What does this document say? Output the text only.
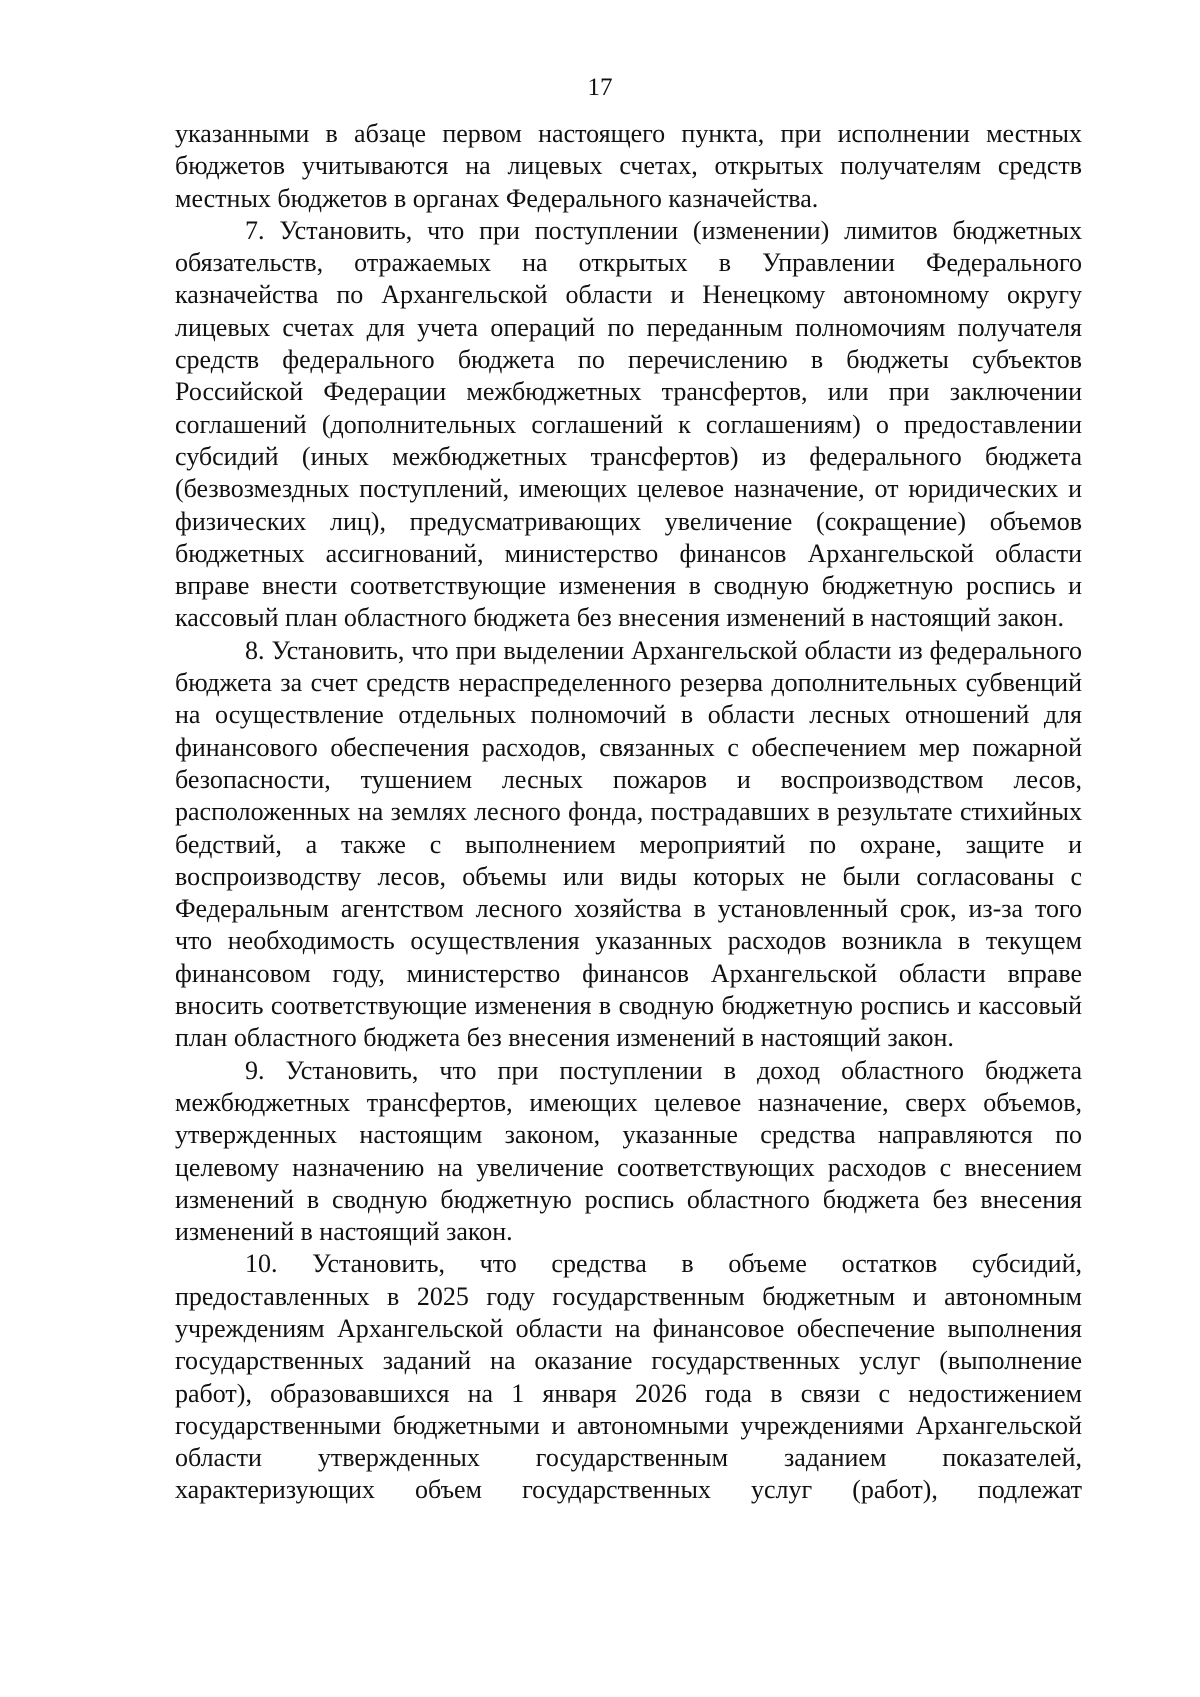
17

указанными в абзаце первом настоящего пункта, при исполнении местных бюджетов учитываются на лицевых счетах, открытых получателям средств местных бюджетов в органах Федерального казначейства.

7. Установить, что при поступлении (изменении) лимитов бюджетных обязательств, отражаемых на открытых в Управлении Федерального казначейства по Архангельской области и Ненецкому автономному округу лицевых счетах для учета операций по переданным полномочиям получателя средств федерального бюджета по перечислению в бюджеты субъектов Российской Федерации межбюджетных трансфертов, или при заключении соглашений (дополнительных соглашений к соглашениям) о предоставлении субсидий (иных межбюджетных трансфертов) из федерального бюджета (безвозмездных поступлений, имеющих целевое назначение, от юридических и физических лиц), предусматривающих увеличение (сокращение) объемов бюджетных ассигнований, министерство финансов Архангельской области вправе внести соответствующие изменения в сводную бюджетную роспись и кассовый план областного бюджета без внесения изменений в настоящий закон.

8. Установить, что при выделении Архангельской области из федерального бюджета за счет средств нераспределенного резерва дополнительных субвенций на осуществление отдельных полномочий в области лесных отношений для финансового обеспечения расходов, связанных с обеспечением мер пожарной безопасности, тушением лесных пожаров и воспроизводством лесов, расположенных на землях лесного фонда, пострадавших в результате стихийных бедствий, а также с выполнением мероприятий по охране, защите и воспроизводству лесов, объемы или виды которых не были согласованы с Федеральным агентством лесного хозяйства в установленный срок, из-за того что необходимость осуществления указанных расходов возникла в текущем финансовом году, министерство финансов Архангельской области вправе вносить соответствующие изменения в сводную бюджетную роспись и кассовый план областного бюджета без внесения изменений в настоящий закон.

9. Установить, что при поступлении в доход областного бюджета межбюджетных трансфертов, имеющих целевое назначение, сверх объемов, утвержденных настоящим законом, указанные средства направляются по целевому назначению на увеличение соответствующих расходов с внесением изменений в сводную бюджетную роспись областного бюджета без внесения изменений в настоящий закон.

10. Установить, что средства в объеме остатков субсидий, предоставленных в 2025 году государственным бюджетным и автономным учреждениям Архангельской области на финансовое обеспечение выполнения государственных заданий на оказание государственных услуг (выполнение работ), образовавшихся на 1 января 2026 года в связи с недостижением государственными бюджетными и автономными учреждениями Архангельской области утвержденных государственным заданием показателей, характеризующих объем государственных услуг (работ), подлежат
